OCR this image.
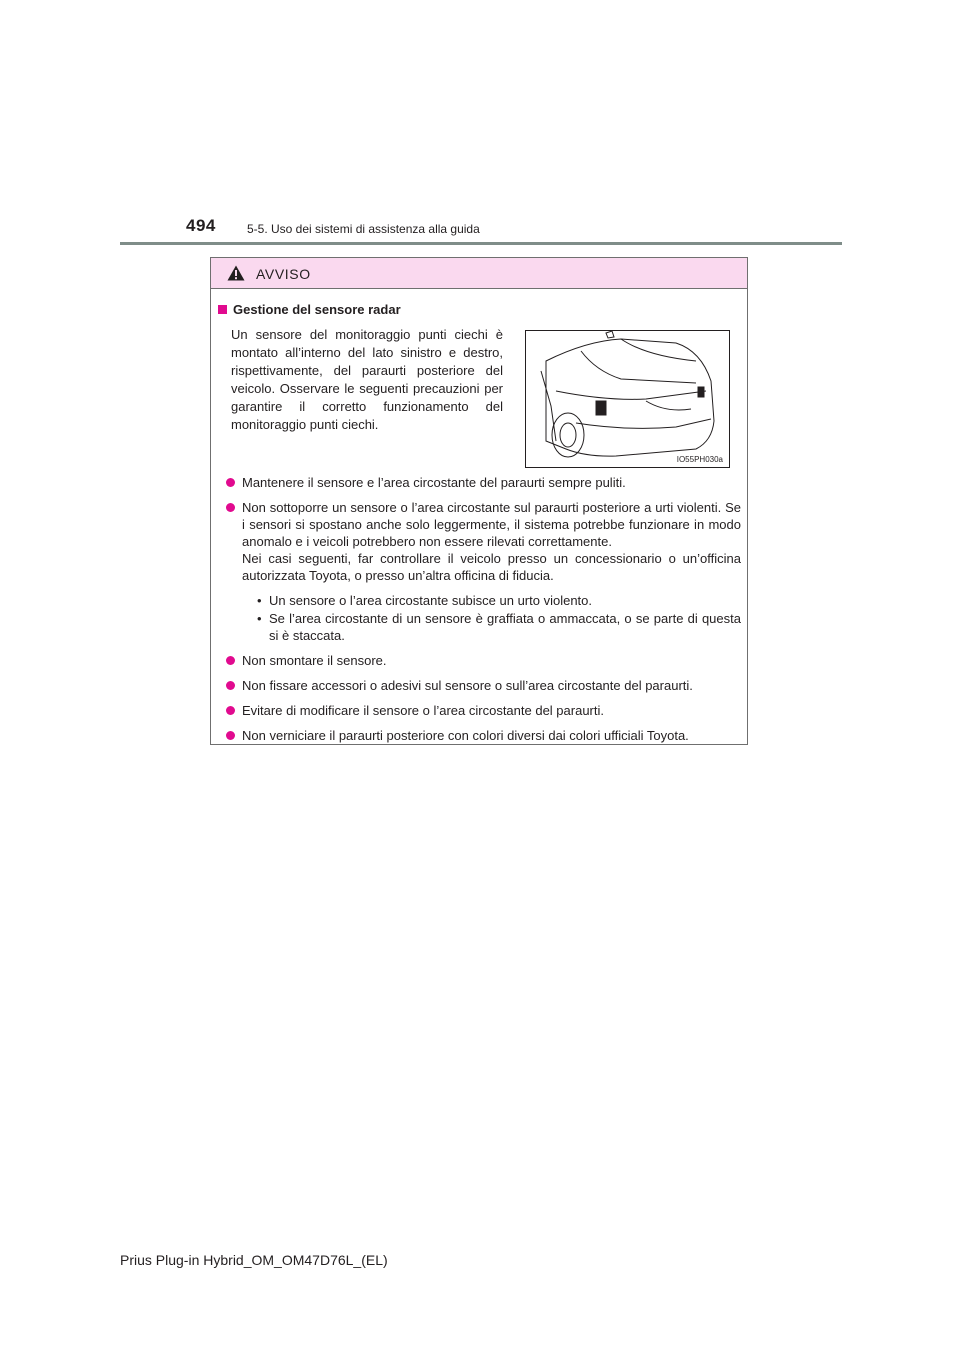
494	5-5. Uso dei sistemi di assistenza alla guida
AVVISO
Gestione del sensore radar
Un sensore del monitoraggio punti ciechi è montato all’interno del lato sinistro e destro, rispettivamente, del paraurti posteriore del veicolo. Osservare le seguenti precauzioni per garantire il corretto funzionamento del monitoraggio punti ciechi.
IO55PH030a
Mantenere il sensore e l’area circostante del paraurti sempre puliti.
Non sottoporre un sensore o l’area circostante sul paraurti posteriore a urti violenti. Se i sensori si spostano anche solo leggermente, il sistema potrebbe funzionare in modo anomalo e i veicoli potrebbero non essere rilevati correttamente.
Nei casi seguenti, far controllare il veicolo presso un concessionario o un’officina autorizzata Toyota, o presso un’altra officina di fiducia.
• Un sensore o l’area circostante subisce un urto violento.
• Se l’area circostante di un sensore è graffiata o ammaccata, o se parte di questa si è staccata.
Non smontare il sensore.
Non fissare accessori o adesivi sul sensore o sull’area circostante del paraurti.
Evitare di modificare il sensore o l’area circostante del paraurti.
Non verniciare il paraurti posteriore con colori diversi dai colori ufficiali Toyota.
Prius Plug-in Hybrid_OM_OM47D76L_(EL)
